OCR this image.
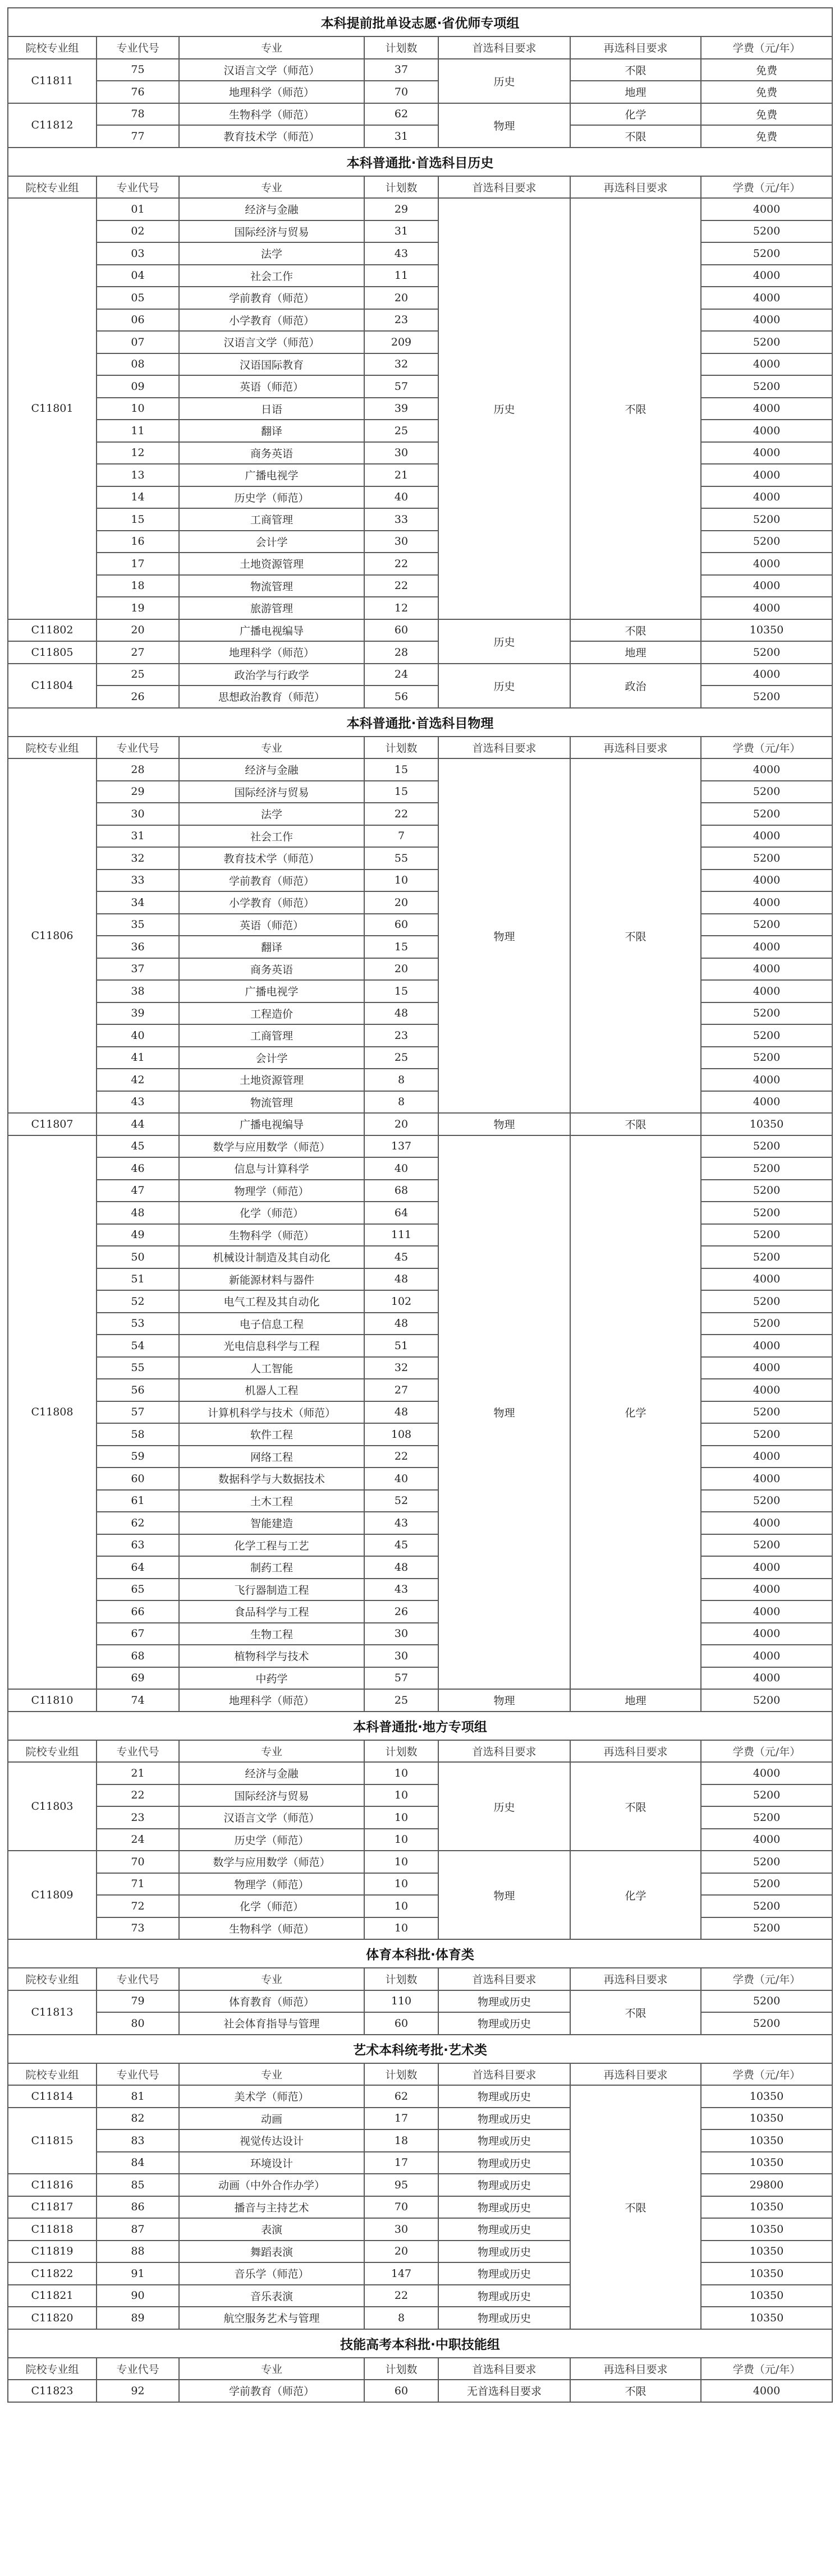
本科提前批单设志愿·省优师专项组						
院校专业组	专业代号	专业	计划数	首选科目要求	再选科目要求	学费（元/年）
C11811	75	汉语言文学（师范）	37	历史	不限	免费
	76	地理科学（师范）	70		地理	免费
C11812	78	生物科学（师范）	62	物理	化学	免费
	77	教育技术学（师范）	31		不限	免费
本科普通批·首选科目历史						
院校专业组	专业代号	专业	计划数	首选科目要求	再选科目要求	学费（元/年）
C11801	01	经济与金融	29	历史	不限	4000
	02	国际经济与贸易	31			5200
	03	法学	43			5200
	04	社会工作	11			4000
	05	学前教育（师范）	20			4000
	06	小学教育（师范）	23			4000
	07	汉语言文学（师范）	209			5200
	08	汉语国际教育	32			4000
	09	英语（师范）	57			5200
	10	日语	39			4000
	11	翻译	25			4000
	12	商务英语	30			4000
	13	广播电视学	21			4000
	14	历史学（师范）	40			4000
	15	工商管理	33			5200
	16	会计学	30			5200
	17	土地资源管理	22			4000
	18	物流管理	22			4000
	19	旅游管理	12			4000
C11802	20	广播电视编导	60	历史	不限	10350
C11805	27	地理科学（师范）	28		地理	5200
C11804	25	政治学与行政学	24	历史	政治	4000
	26	思想政治教育（师范）	56			5200
本科普通批·首选科目物理						
院校专业组	专业代号	专业	计划数	首选科目要求	再选科目要求	学费（元/年）
C11806	28	经济与金融	15	物理	不限	4000
	29	国际经济与贸易	15			5200
	30	法学	22			5200
	31	社会工作	7			4000
	32	教育技术学（师范）	55			5200
	33	学前教育（师范）	10			4000
	34	小学教育（师范）	20			4000
	35	英语（师范）	60			5200
	36	翻译	15			4000
	37	商务英语	20			4000
	38	广播电视学	15			4000
	39	工程造价	48			5200
	40	工商管理	23			5200
	41	会计学	25			5200
	42	土地资源管理	8			4000
	43	物流管理	8			4000
C11807	44	广播电视编导	20	物理	不限	10350
C11808	45	数学与应用数学（师范）	137	物理	化学	5200
	46	信息与计算科学	40			5200
	47	物理学（师范）	68			5200
	48	化学（师范）	64			5200
	49	生物科学（师范）	111			5200
	50	机械设计制造及其自动化	45			5200
	51	新能源材料与器件	48			4000
	52	电气工程及其自动化	102			5200
	53	电子信息工程	48			5200
	54	光电信息科学与工程	51			4000
	55	人工智能	32			4000
	56	机器人工程	27			4000
	57	计算机科学与技术（师范）	48			5200
	58	软件工程	108			5200
	59	网络工程	22			4000
	60	数据科学与大数据技术	40			4000
	61	土木工程	52			5200
	62	智能建造	43			4000
	63	化学工程与工艺	45			5200
	64	制药工程	48			4000
	65	飞行器制造工程	43			4000
	66	食品科学与工程	26			4000
	67	生物工程	30			4000
	68	植物科学与技术	30			4000
	69	中药学	57			4000
C11810	74	地理科学（师范）	25	物理	地理	5200
本科普通批·地方专项组						
院校专业组	专业代号	专业	计划数	首选科目要求	再选科目要求	学费（元/年）
C11803	21	经济与金融	10	历史	不限	4000
	22	国际经济与贸易	10			5200
	23	汉语言文学（师范）	10			5200
	24	历史学（师范）	10			4000
C11809	70	数学与应用数学（师范）	10	物理	化学	5200
	71	物理学（师范）	10			5200
	72	化学（师范）	10			5200
	73	生物科学（师范）	10			5200
体育本科批·体育类						
院校专业组	专业代号	专业	计划数	首选科目要求	再选科目要求	学费（元/年）
C11813	79	体育教育（师范）	110	物理或历史	不限	5200
	80	社会体育指导与管理	60	物理或历史		5200
艺术本科统考批·艺术类						
院校专业组	专业代号	专业	计划数	首选科目要求	再选科目要求	学费（元/年）
C11814	81	美术学（师范）	62	物理或历史	不限	10350
C11815	82	动画	17	物理或历史		10350
	83	视觉传达设计	18	物理或历史		10350
	84	环境设计	17	物理或历史		10350
C11816	85	动画（中外合作办学）	95	物理或历史		29800
C11817	86	播音与主持艺术	70	物理或历史		10350
C11818	87	表演	30	物理或历史		10350
C11819	88	舞蹈表演	20	物理或历史		10350
C11822	91	音乐学（师范）	147	物理或历史		10350
C11821	90	音乐表演	22	物理或历史		10350
C11820	89	航空服务艺术与管理	8	物理或历史		10350
技能高考本科批·中职技能组						
院校专业组	专业代号	专业	计划数	首选科目要求	再选科目要求	学费（元/年）
C11823	92	学前教育（师范）	60	无首选科目要求	不限	4000
